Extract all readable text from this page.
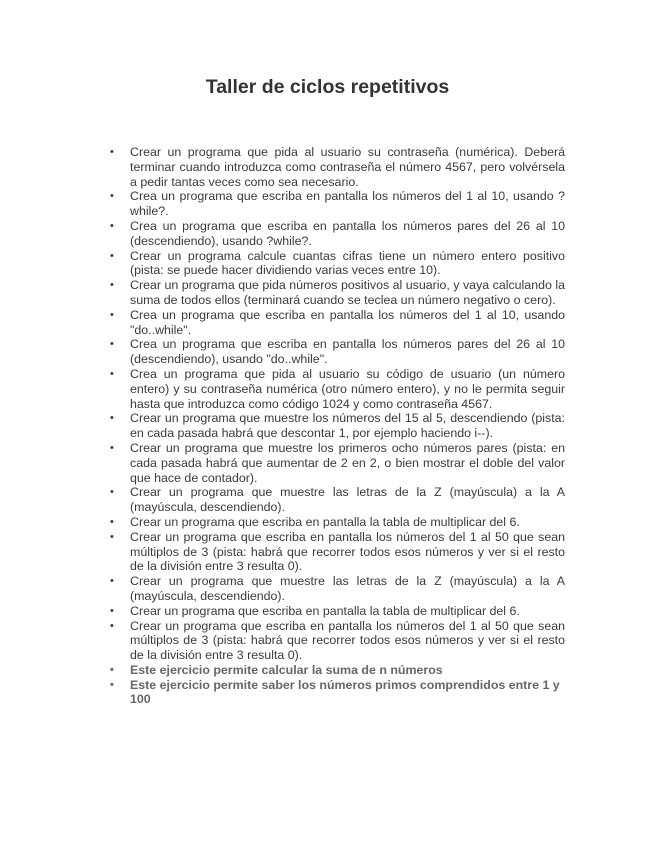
Taller de ciclos repetitivos
• Crear un programa que pida al usuario su contraseña (numérica). Deberá terminar cuando introduzca como contraseña el número 4567, pero volvérsela a pedir tantas veces como sea necesario.
• Crea un programa que escriba en pantalla los números del 1 al 10, usando ?while?.
• Crea un programa que escriba en pantalla los números pares del 26 al 10 (descendiendo), usando ?while?.
• Crear un programa calcule cuantas cifras tiene un número entero positivo (pista: se puede hacer dividiendo varias veces entre 10).
• Crear un programa que pida números positivos al usuario, y vaya calculando la suma de todos ellos (terminará cuando se teclea un número negativo o cero).
• Crea un programa que escriba en pantalla los números del 1 al 10, usando "do..while".
• Crea un programa que escriba en pantalla los números pares del 26 al 10 (descendiendo), usando "do..while".
• Crea un programa que pida al usuario su código de usuario (un número entero) y su contraseña numérica (otro número entero), y no le permita seguir hasta que introduzca como código 1024 y como contraseña 4567.
• Crear un programa que muestre los números del 15 al 5, descendiendo (pista: en cada pasada habrá que descontar 1, por ejemplo haciendo i--).
• Crear un programa que muestre los primeros ocho números pares (pista: en cada pasada habrá que aumentar de 2 en 2, o bien mostrar el doble del valor que hace de contador).
• Crear un programa que muestre las letras de la Z (mayúscula) a la A (mayúscula, descendiendo).
• Crear un programa que escriba en pantalla la tabla de multiplicar del 6.
• Crear un programa que escriba en pantalla los números del 1 al 50 que sean múltiplos de 3 (pista: habrá que recorrer todos esos números y ver si el resto de la división entre 3 resulta 0).
• Crear un programa que muestre las letras de la Z (mayúscula) a la A (mayúscula, descendiendo).
• Crear un programa que escriba en pantalla la tabla de multiplicar del 6.
• Crear un programa que escriba en pantalla los números del 1 al 50 que sean múltiplos de 3 (pista: habrá que recorrer todos esos números y ver si el resto de la división entre 3 resulta 0).
• Este ejercicio permite calcular la suma de n números
• Este ejercicio permite saber los números primos comprendidos entre 1 y 100
